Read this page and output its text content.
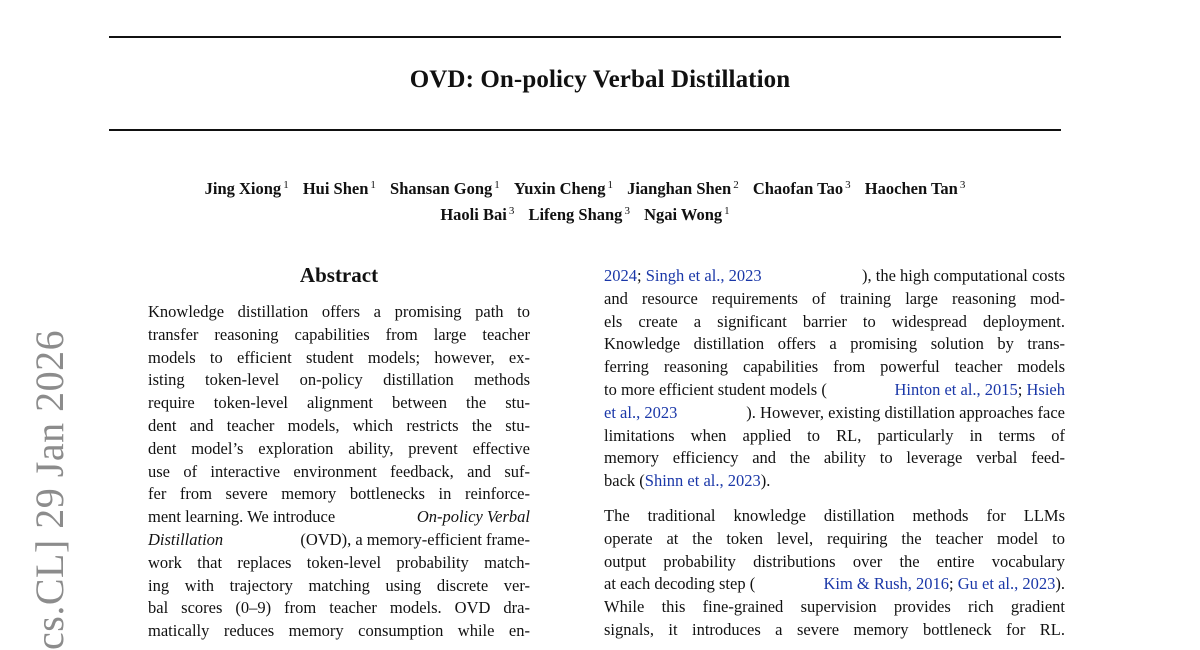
cs.CL] 29 Jan 2026
OVD: On-policy Verbal Distillation
Jing Xiong $^1$ Hui Shen $^1$ Shansan Gong $^1$ Yuxin Cheng $^1$ Jianghan Shen $^2$ Chaofan Tao $^3$ Haochen Tan $^3$
Haoli Bai $^3$ Lifeng Shang $^3$ Ngai Wong $^1$
Abstract
Knowledge distillation offers a promising path to
transfer reasoning capabilities from large teacher
models to efficient student models; however, ex-
isting token-level on-policy distillation methods
require token-level alignment between the stu-
dent and teacher models, which restricts the stu-
dent model’s exploration ability, prevent effective
use of interactive environment feedback, and suf-
fer from severe memory bottlenecks in reinforce-
ment learning. We introduce	On-policy Verbal
Distillation	(OVD), a memory-efficient frame-
work that replaces token-level probability match-
ing with trajectory matching using discrete ver-
bal scores (0–9) from teacher models. OVD dra-
matically reduces memory consumption while en-
2024; Singh et al., 2023	), the high computational costs
and resource requirements of training large reasoning mod-
els create a significant barrier to widespread deployment.
Knowledge distillation offers a promising solution by trans-
ferring reasoning capabilities from powerful teacher models
to more efficient student models (	Hinton et al., 2015; Hsieh
et al., 2023	). However, existing distillation approaches face
limitations when applied to RL, particularly in terms of
memory efficiency and the ability to leverage verbal feed-
back (Shinn et al., 2023).
The traditional knowledge distillation methods for LLMs
operate at the token level, requiring the teacher model to
output probability distributions over the entire vocabulary
at each decoding step (	Kim & Rush, 2016; Gu et al., 2023).
While this fine-grained supervision provides rich gradient
signals, it introduces a severe memory bottleneck for RL.
